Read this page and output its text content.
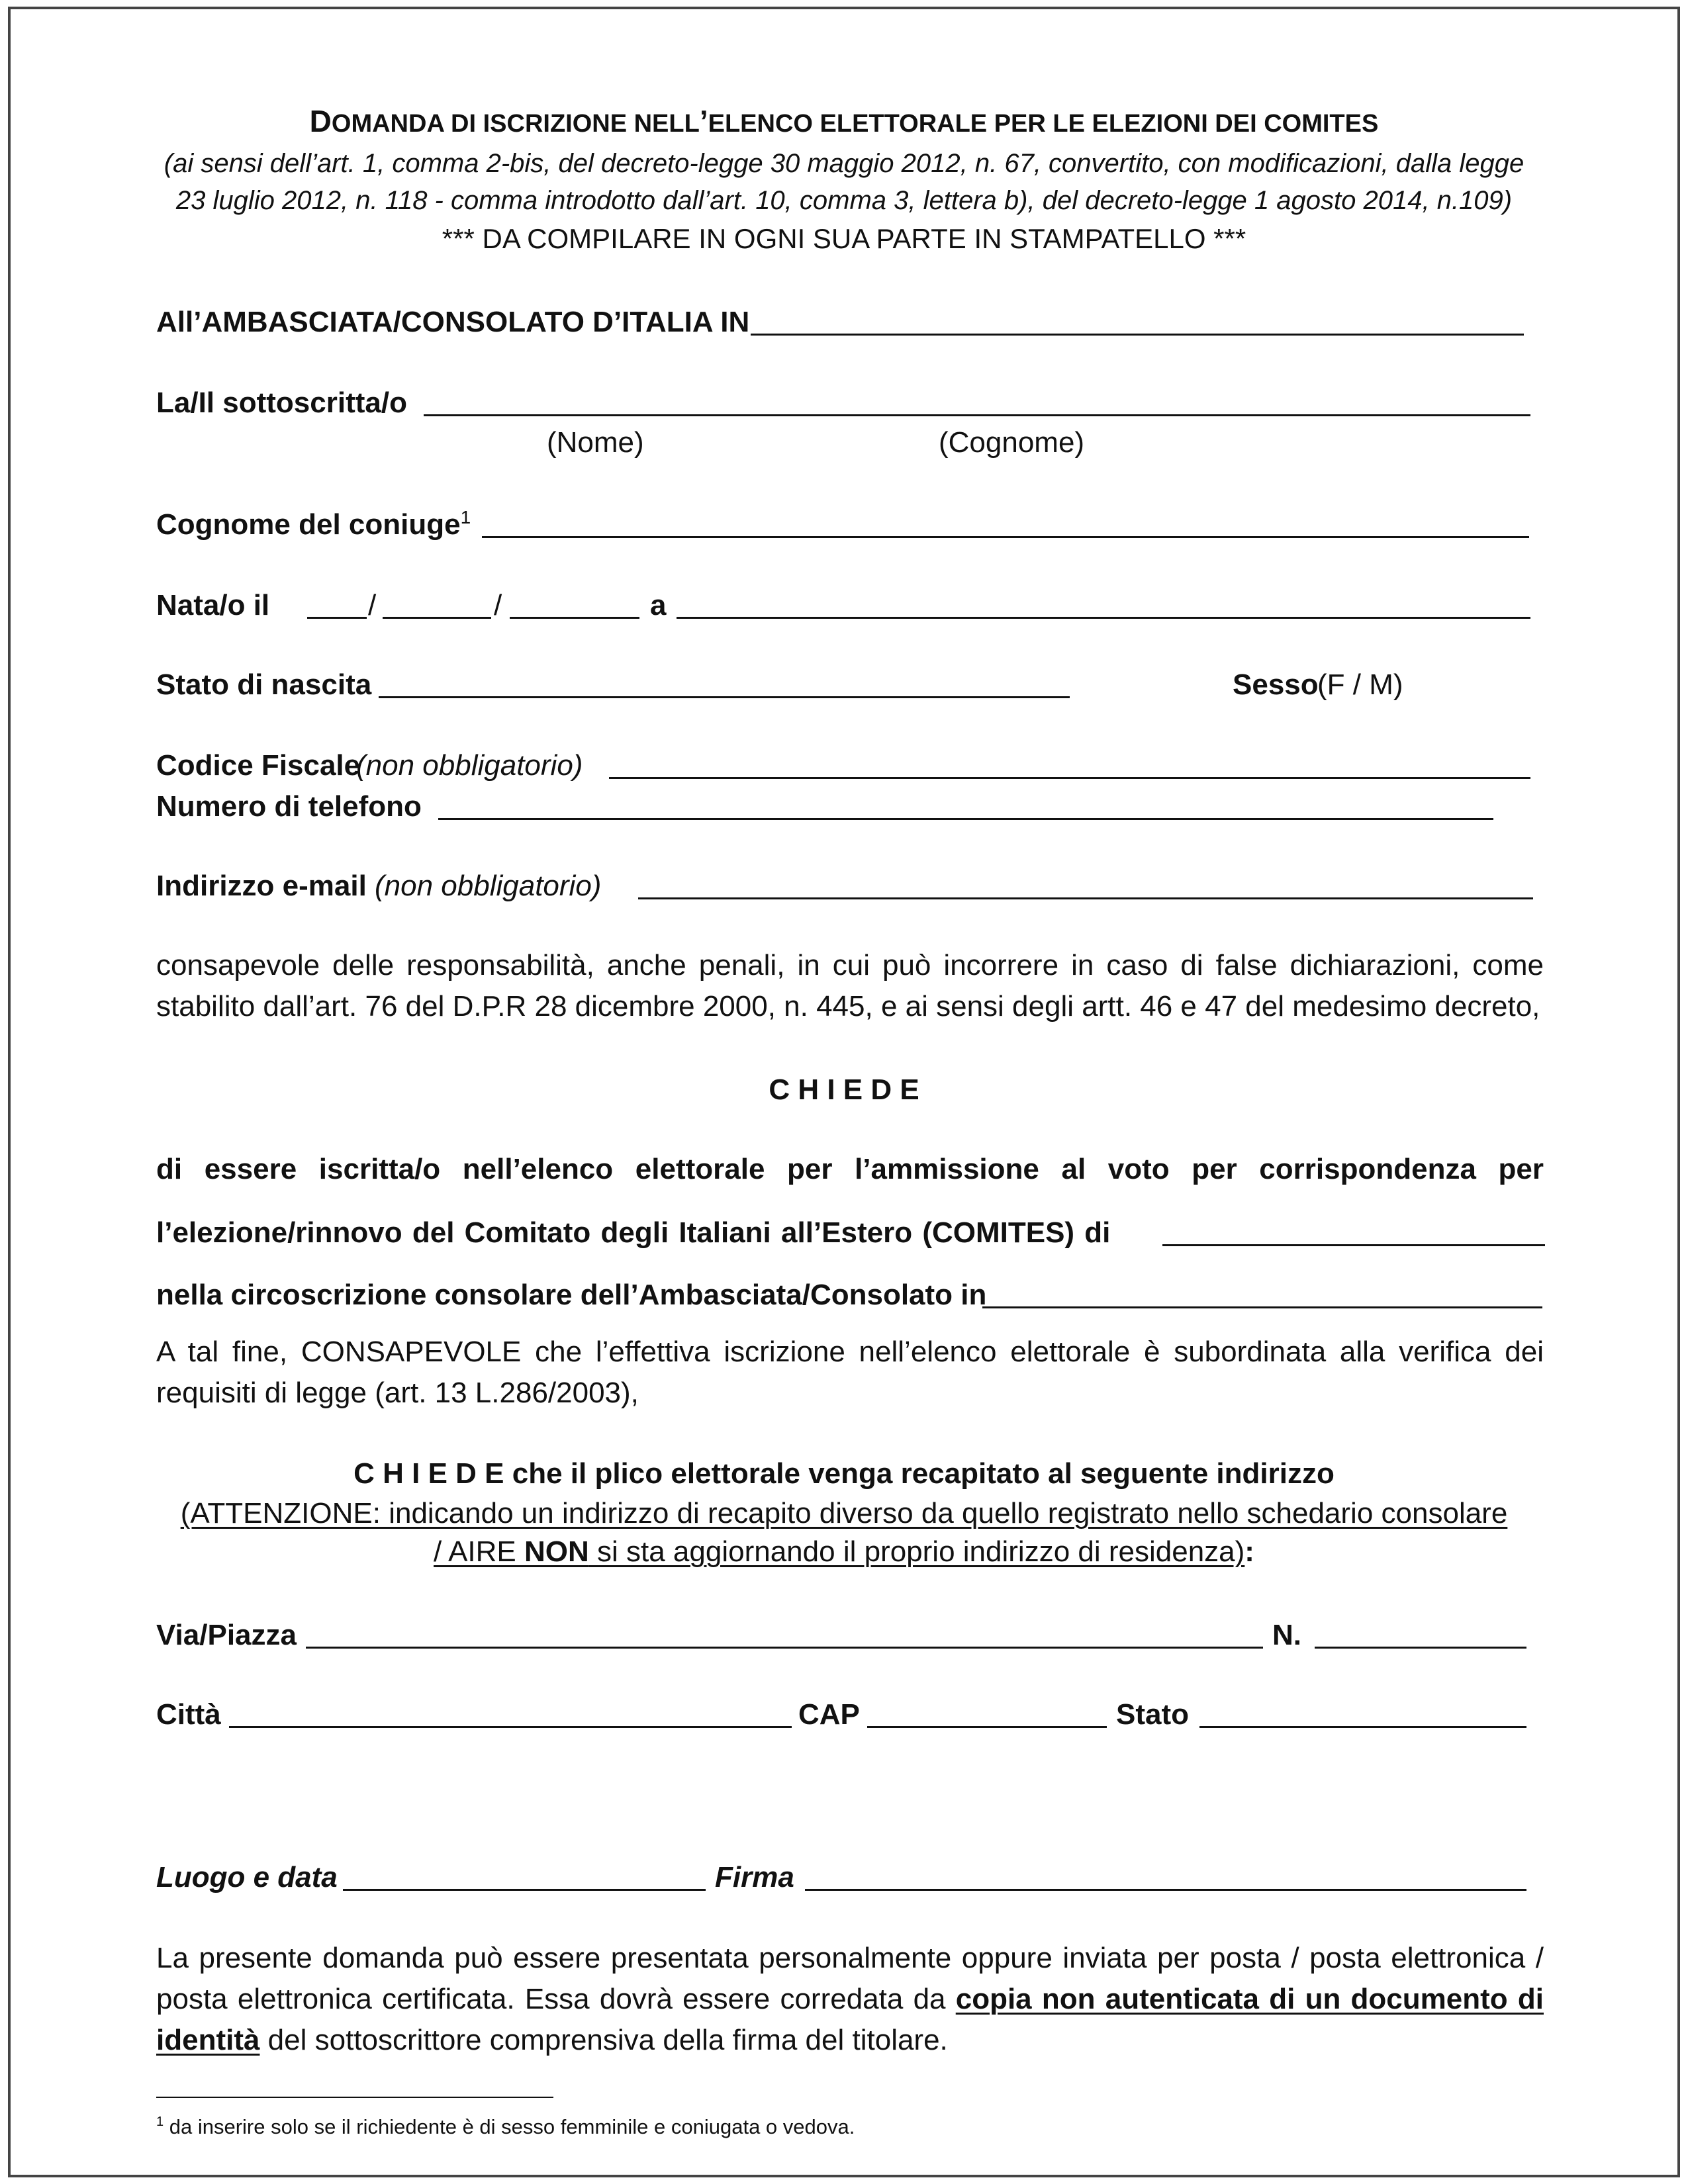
DOMANDA DI ISCRIZIONE NELL’ELENCO ELETTORALE PER LE ELEZIONI DEI COMITES
(ai sensi dell’art. 1, comma 2-bis, del decreto-legge 30 maggio 2012, n. 67, convertito, con modificazioni, dalla legge
23 luglio 2012, n. 118 - comma introdotto dall’art. 10, comma 3, lettera b), del decreto-legge 1 agosto 2014, n.109)
*** DA COMPILARE IN OGNI SUA PARTE IN STAMPATELLO ***
All’AMBASCIATA/CONSOLATO D’ITALIA IN
La/Il sottoscritta/o
(Nome)	(Cognome)
Cognome del coniuge$^1$
Nata/o il	/	/	a
Stato di nascita	Sesso
(F / M)
Codice Fiscale
(non obbligatorio)
Numero di telefono
Indirizzo e-mail (non obbligatorio)
consapevole delle responsabilità, anche penali, in cui può incorrere in caso di false dichiarazioni, come stabilito dall’art. 76 del D.P.R 28 dicembre 2000, n. 445, e ai sensi degli artt. 46 e 47 del medesimo decreto,
C H I E D E
di essere iscritta/o nell’elenco elettorale per l’ammissione al voto per corrispondenza per
l’elezione/rinnovo del Comitato degli Italiani all’Estero (COMITES) di
nella circoscrizione consolare dell’Ambasciata/Consolato in
A tal fine, CONSAPEVOLE che l’effettiva iscrizione nell’elenco elettorale è subordinata alla verifica dei requisiti di legge (art. 13 L.286/2003),
C H I E D E che il plico elettorale venga recapitato al seguente indirizzo
(ATTENZIONE: indicando un indirizzo di recapito diverso da quello registrato nello schedario consolare
/ AIRE NON si sta aggiornando il proprio indirizzo di residenza):
Via/Piazza	N.
Città	CAP	Stato
Luogo e data	Firma
La presente domanda può essere presentata personalmente oppure inviata per posta / posta elettronica / posta elettronica certificata. Essa dovrà essere corredata da copia non autenticata di un documento di identità del sottoscrittore comprensiva della firma del titolare.
$^1$ da inserire solo se il richiedente è di sesso femminile e coniugata o vedova.
